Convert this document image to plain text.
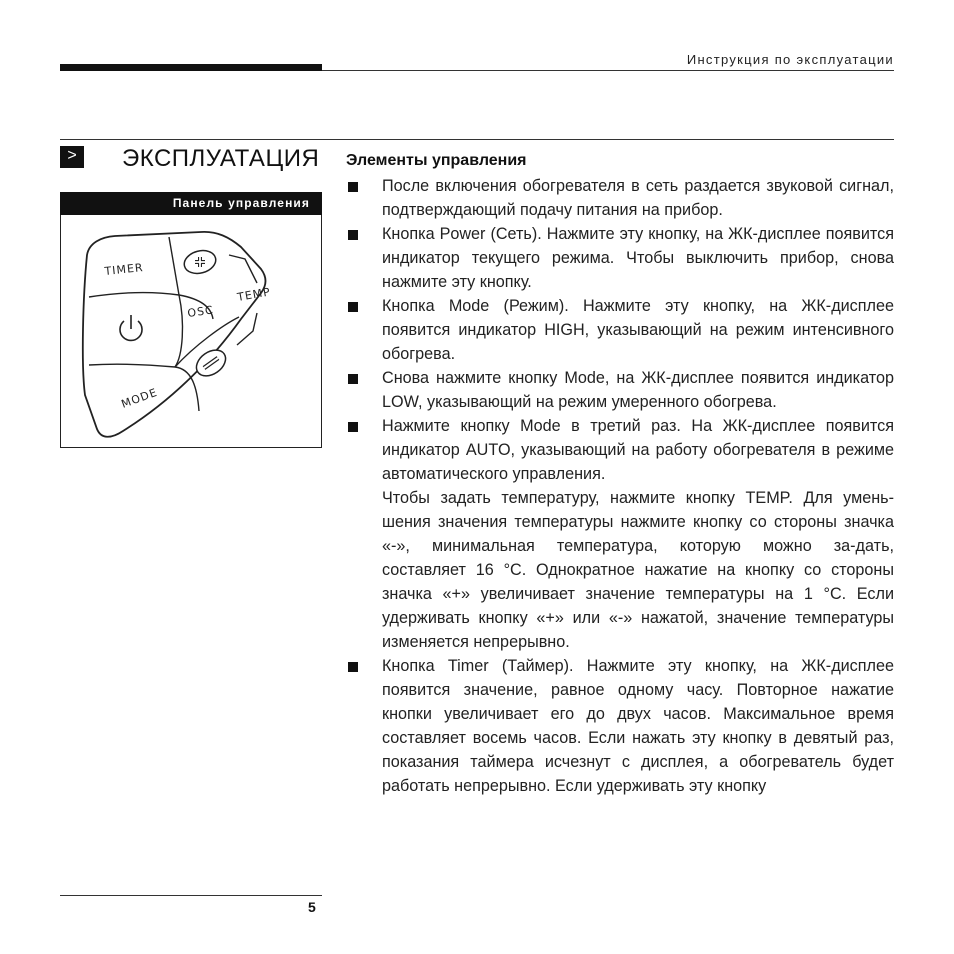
Инструкция по эксплуатации
>	ЭКСПЛУАТАЦИЯ
Панель управления
TIMER
OSC
TEMP
MODE
Элементы управления
После включения обогревателя в сеть раздается звуковой сигнал, подтверждающий подачу питания на прибор.
Кнопка Power (Сеть). Нажмите эту кнопку, на ЖК-дисплее появится индикатор текущего режима. Чтобы выключить прибор, снова нажмите эту кнопку.
Кнопка Mode (Режим). Нажмите эту кнопку, на ЖК-дисплее появится индикатор HIGH, указывающий на режим интенсивного обогрева.
Снова нажмите кнопку Mode, на ЖК-дисплее появится индикатор LOW, указывающий на режим умеренного обогрева.
Нажмите кнопку Mode в третий раз. На ЖК-дисплее появится индикатор AUTO, указывающий на работу обогревателя в режиме автоматического управления.

Чтобы задать температуру, нажмите кнопку TEMP. Для умень-шения значения температуры нажмите кнопку со стороны значка «-», минимальная температура, которую можно за-дать, составляет 16 °C. Однократное нажатие на кнопку со стороны значка «+» увеличивает значение температуры на 1 °C. Если удерживать кнопку «+» или «-» нажатой, значение температуры изменяется непрерывно.

Кнопка Timer (Таймер). Нажмите эту кнопку, на ЖК-дисплее появится значение, равное одному часу. Повторное нажатие кнопки увеличивает его до двух часов. Максимальное время составляет восемь часов. Если нажать эту кнопку в девятый раз, показания таймера исчезнут с дисплея, а обогреватель будет работать непрерывно. Если удерживать эту кнопку
5
